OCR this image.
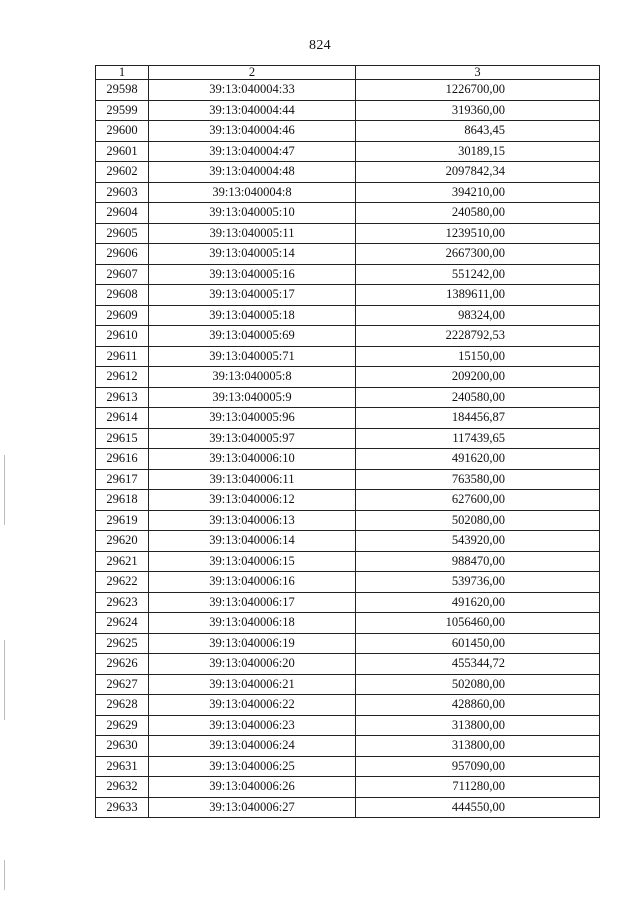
824
1	2	3
29598	39:13:040004:33	1226700,00
29599	39:13:040004:44	319360,00
29600	39:13:040004:46	8643,45
29601	39:13:040004:47	30189,15
29602	39:13:040004:48	2097842,34
29603	39:13:040004:8	394210,00
29604	39:13:040005:10	240580,00
29605	39:13:040005:11	1239510,00
29606	39:13:040005:14	2667300,00
29607	39:13:040005:16	551242,00
29608	39:13:040005:17	1389611,00
29609	39:13:040005:18	98324,00
29610	39:13:040005:69	2228792,53
29611	39:13:040005:71	15150,00
29612	39:13:040005:8	209200,00
29613	39:13:040005:9	240580,00
29614	39:13:040005:96	184456,87
29615	39:13:040005:97	117439,65
29616	39:13:040006:10	491620,00
29617	39:13:040006:11	763580,00
29618	39:13:040006:12	627600,00
29619	39:13:040006:13	502080,00
29620	39:13:040006:14	543920,00
29621	39:13:040006:15	988470,00
29622	39:13:040006:16	539736,00
29623	39:13:040006:17	491620,00
29624	39:13:040006:18	1056460,00
29625	39:13:040006:19	601450,00
29626	39:13:040006:20	455344,72
29627	39:13:040006:21	502080,00
29628	39:13:040006:22	428860,00
29629	39:13:040006:23	313800,00
29630	39:13:040006:24	313800,00
29631	39:13:040006:25	957090,00
29632	39:13:040006:26	711280,00
29633	39:13:040006:27	444550,00
